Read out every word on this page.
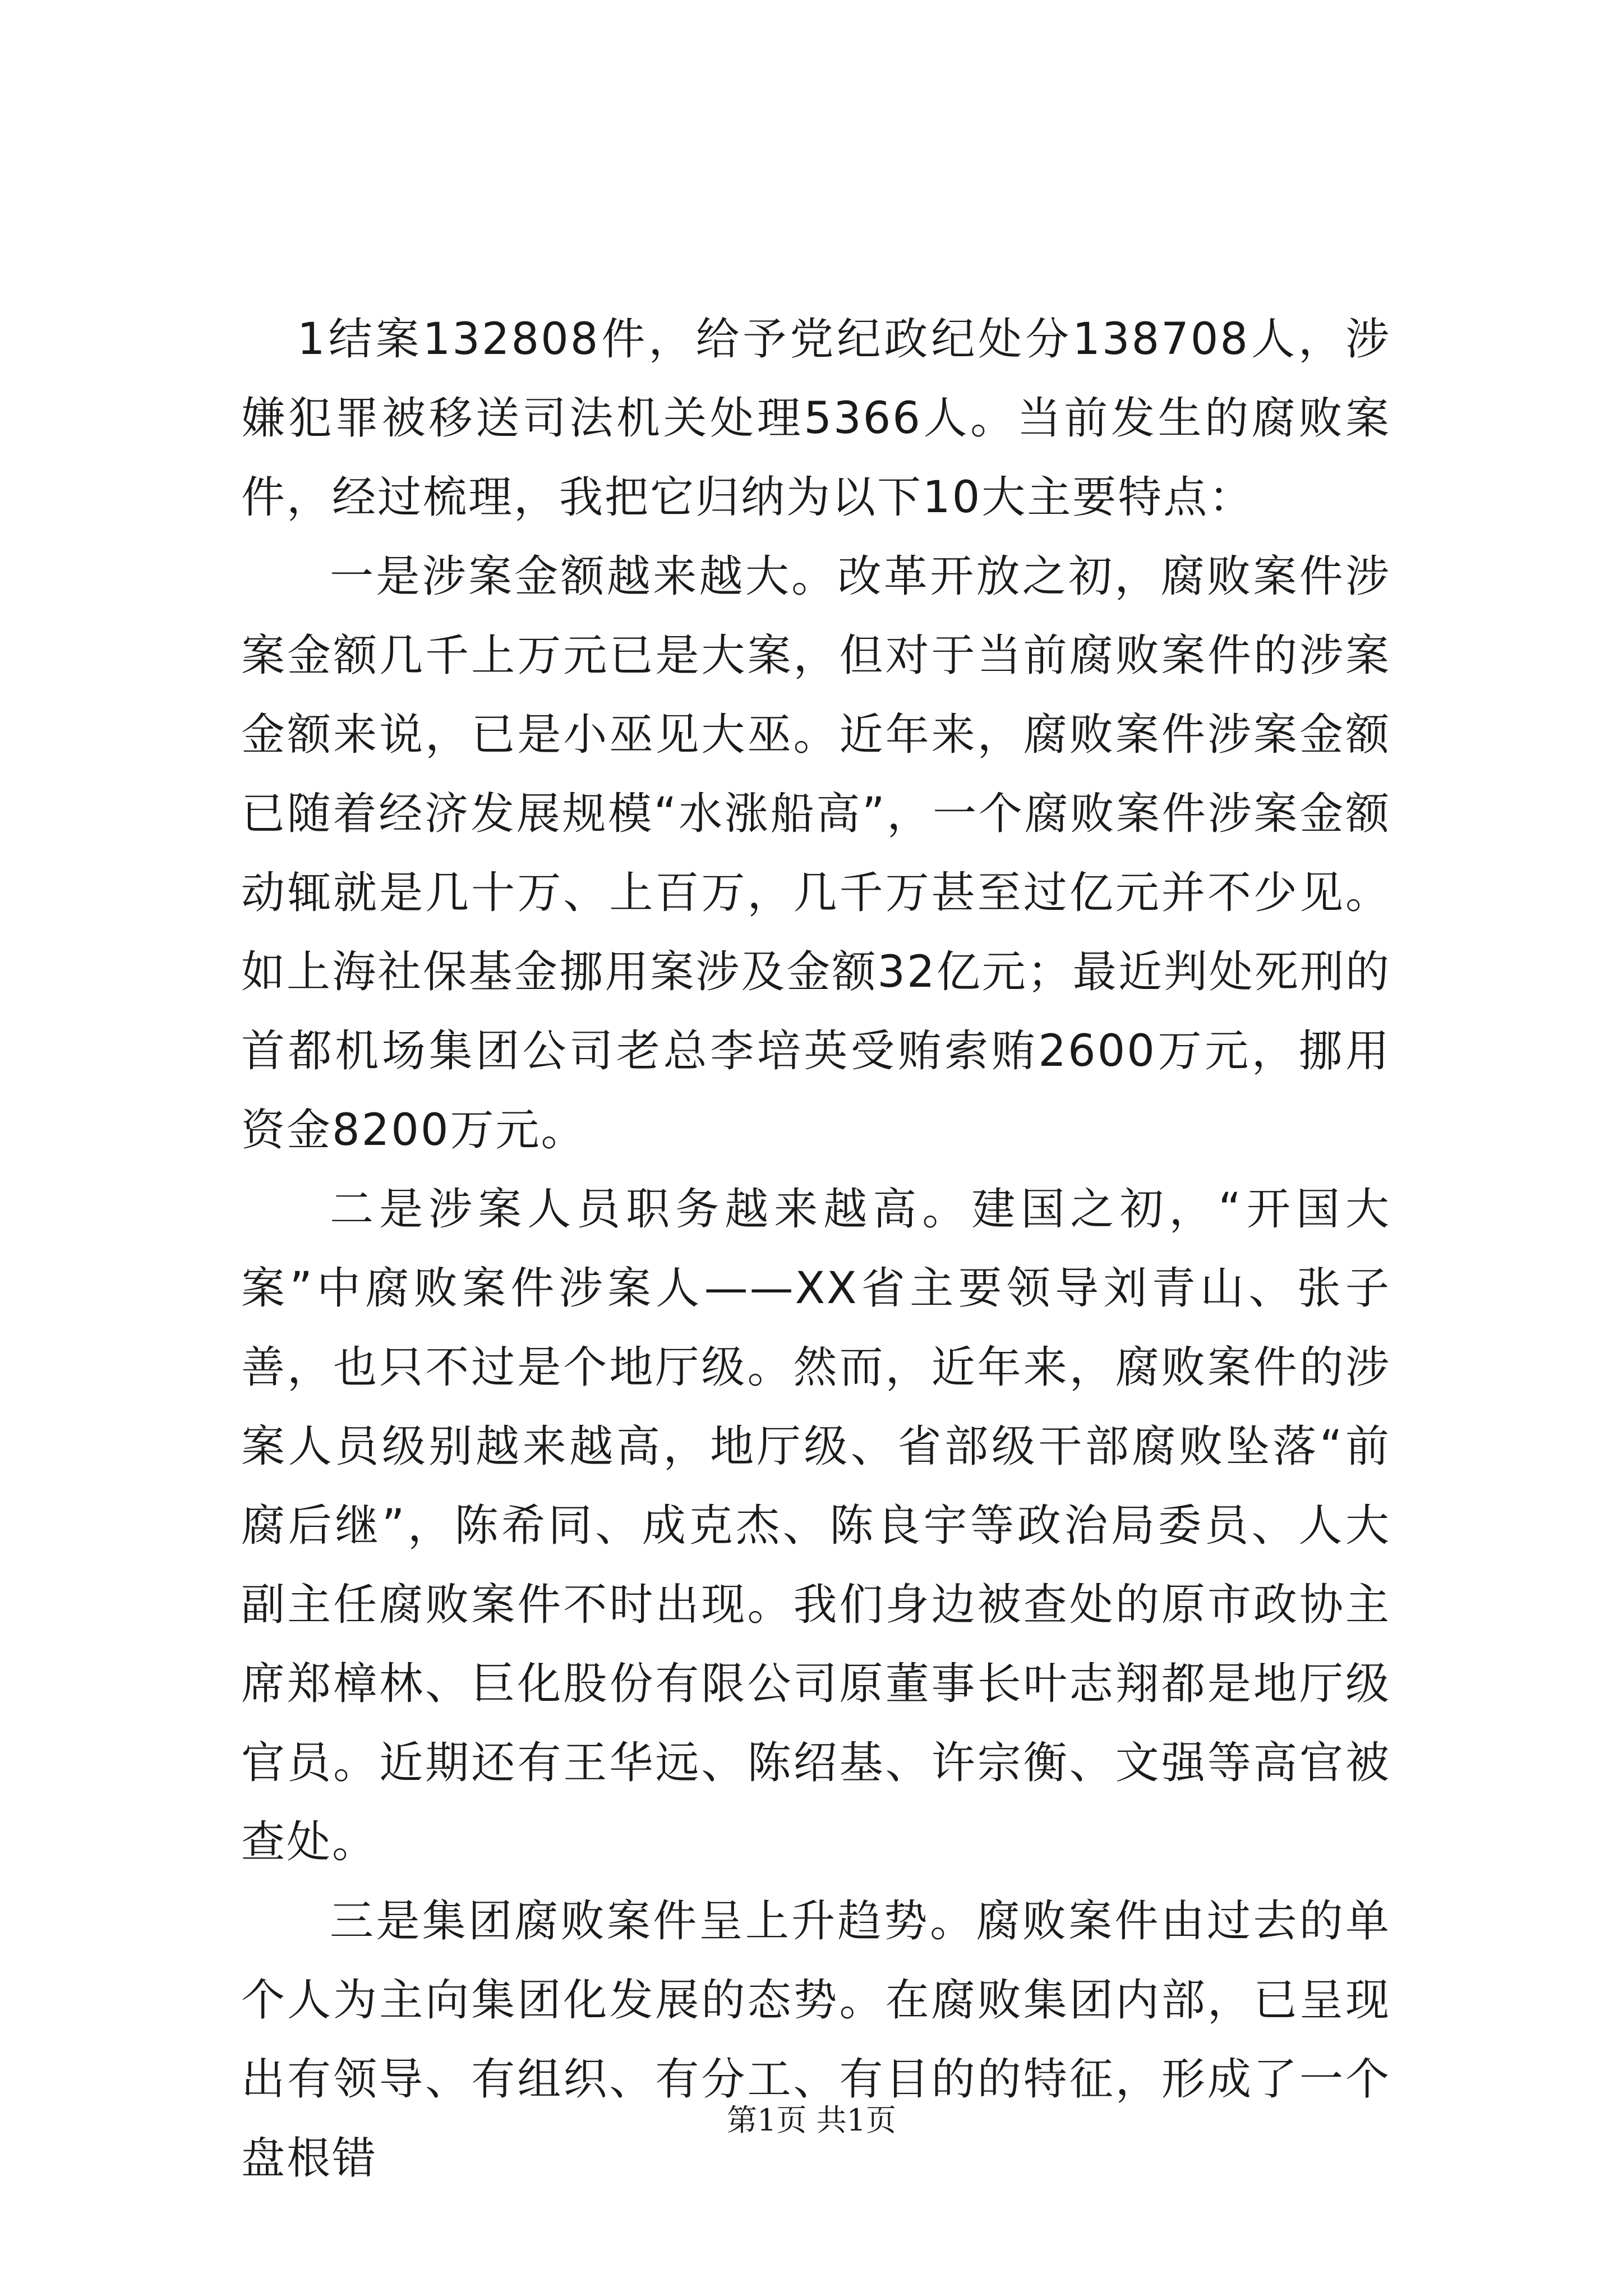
1结案132808件，给予党纪政纪处分138708人，涉嫌犯罪被移送司法机关处理5366人。当前发生的腐败案件，经过梳理，我把它归纳为以下10大主要特点：

一是涉案金额越来越大。改革开放之初，腐败案件涉案金额几千上万元已是大案，但对于当前腐败案件的涉案金额来说，已是小巫见大巫。近年来，腐败案件涉案金额已随着经济发展规模“水涨船高”，一个腐败案件涉案金额动辄就是几十万、上百万，几千万甚至过亿元并不少见。如上海社保基金挪用案涉及金额32亿元；最近判处死刑的首都机场集团公司老总李培英受贿索贿2600万元，挪用资金8200万元。

二是涉案人员职务越来越高。建国之初，“开国大案”中腐败案件涉案人——XX省主要领导刘青山、张子善，也只不过是个地厅级。然而，近年来，腐败案件的涉案人员级别越来越高，地厅级、省部级干部腐败坠落“前腐后继”，陈希同、成克杰、陈良宇等政治局委员、人大副主任腐败案件不时出现。我们身边被查处的原市政协主席郑樟林、巨化股份有限公司原董事长叶志翔都是地厅级官员。近期还有王华远、陈绍基、许宗衡、文强等高官被查处。

三是集团腐败案件呈上升趋势。腐败案件由过去的单个人为主向集团化发展的态势。在腐败集团内部，已呈现出有领导、有组织、有分工、有目的的特征，形成了一个盘根错

第1页 共1页
